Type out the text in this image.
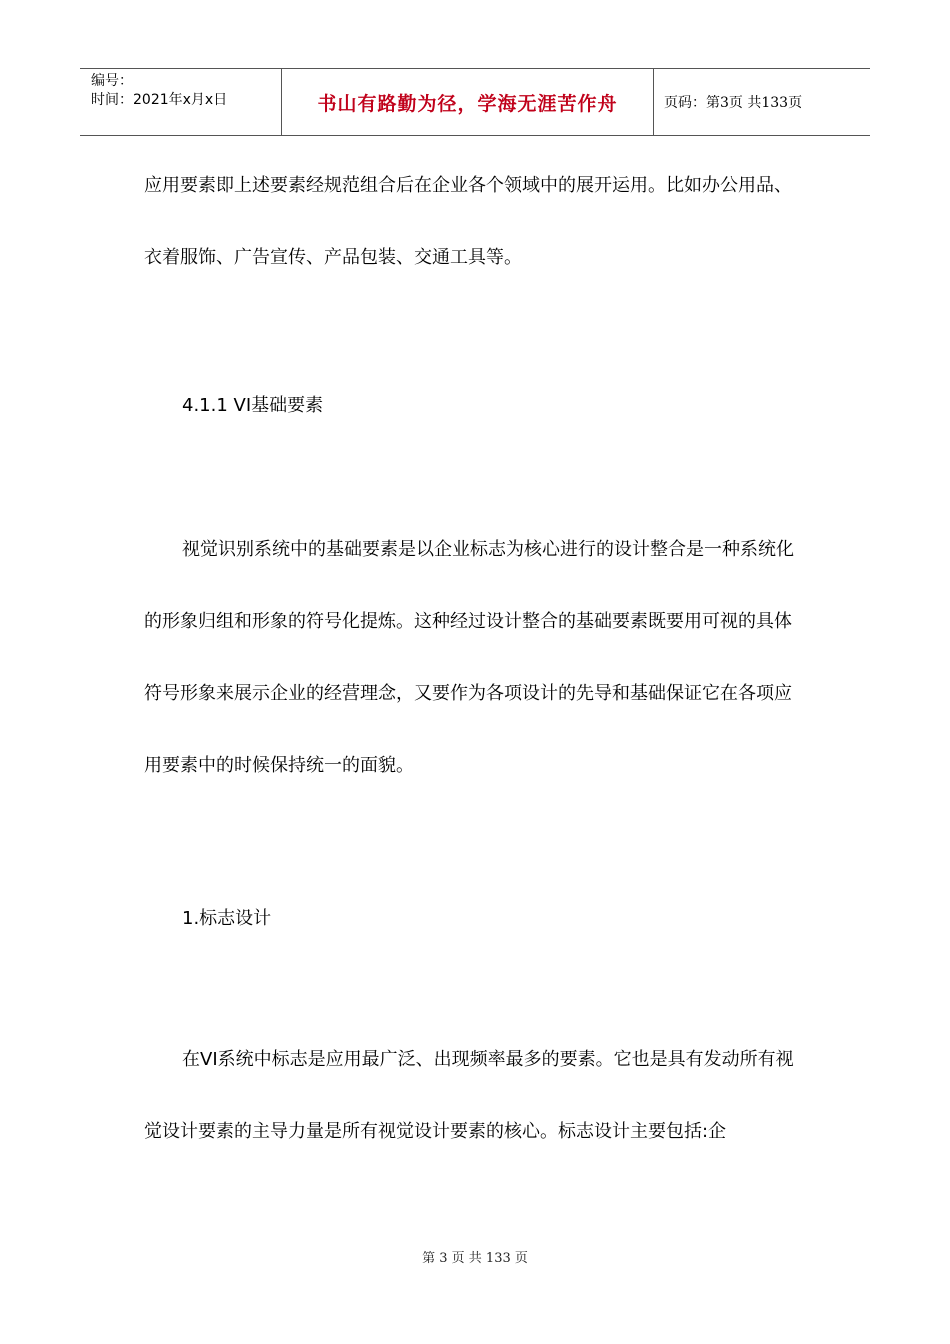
编号：
时间：2021年x月x日	书山有路勤为径，学海无涯苦作舟	页码：第3页 共133页

应用要素即上述要素经规范组合后在企业各个领域中的展开运用。比如办公用品、衣着服饰、广告宣传、产品包装、交通工具等。

4.1.1 VI基础要素

视觉识别系统中的基础要素是以企业标志为核心进行的设计整合是一种系统化的形象归组和形象的符号化提炼。这种经过设计整合的基础要素既要用可视的具体符号形象来展示企业的经营理念，又要作为各项设计的先导和基础保证它在各项应用要素中的时候保持统一的面貌。

1.标志设计

在VI系统中标志是应用最广泛、出现频率最多的要素。它也是具有发动所有视觉设计要素的主导力量是所有视觉设计要素的核心。标志设计主要包括:企

第 3 页 共 133 页
